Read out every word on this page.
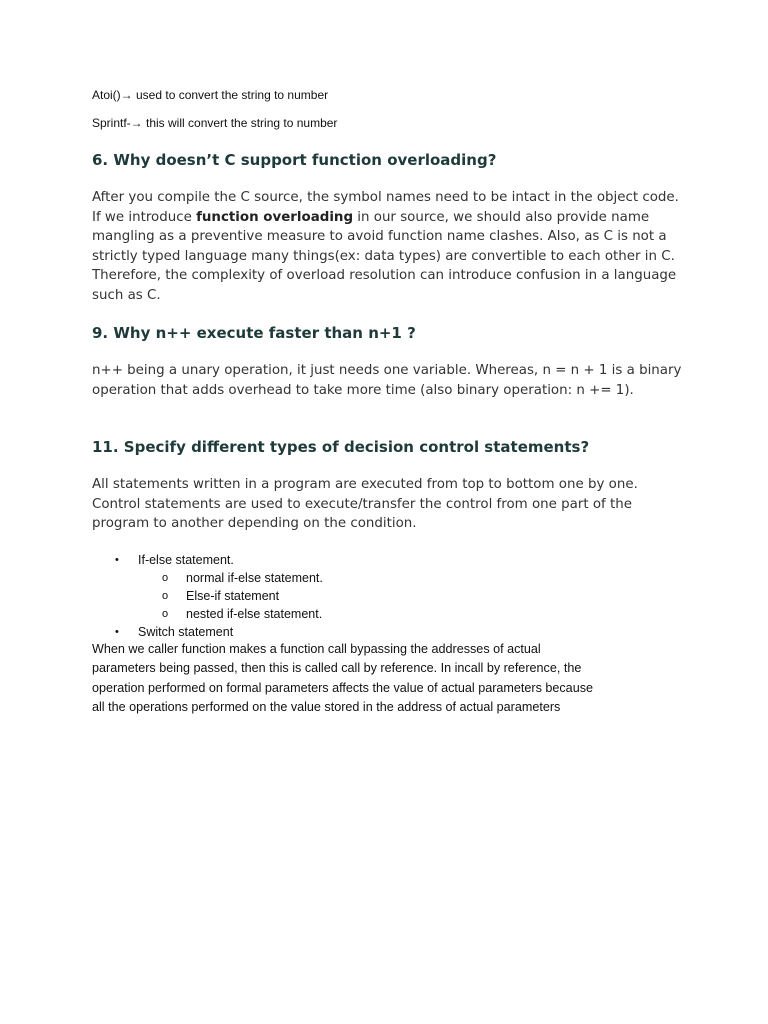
Atoi()→ used to convert the string to number
Sprintf-→ this will convert the string to number
6. Why doesn’t C support function overloading?
After you compile the C source, the symbol names need to be intact in the object code. If we introduce function overloading in our source, we should also provide name mangling as a preventive measure to avoid function name clashes. Also, as C is not a strictly typed language many things(ex: data types) are convertible to each other in C. Therefore, the complexity of overload resolution can introduce confusion in a language such as C.
9. Why n++ execute faster than n+1 ?
n++ being a unary operation, it just needs one variable. Whereas, n = n + 1 is a binary operation that adds overhead to take more time (also binary operation: n += 1).
11. Specify different types of decision control statements?
All statements written in a program are executed from top to bottom one by one. Control statements are used to execute/transfer the control from one part of the program to another depending on the condition.
• If-else statement.
o normal if-else statement.
o Else-if statement
o nested if-else statement.
• Switch statement
When we caller function makes a function call bypassing the addresses of actual
parameters being passed, then this is called call by reference. In incall by reference, the
operation performed on formal parameters affects the value of actual parameters because
all the operations performed on the value stored in the address of actual parameters
